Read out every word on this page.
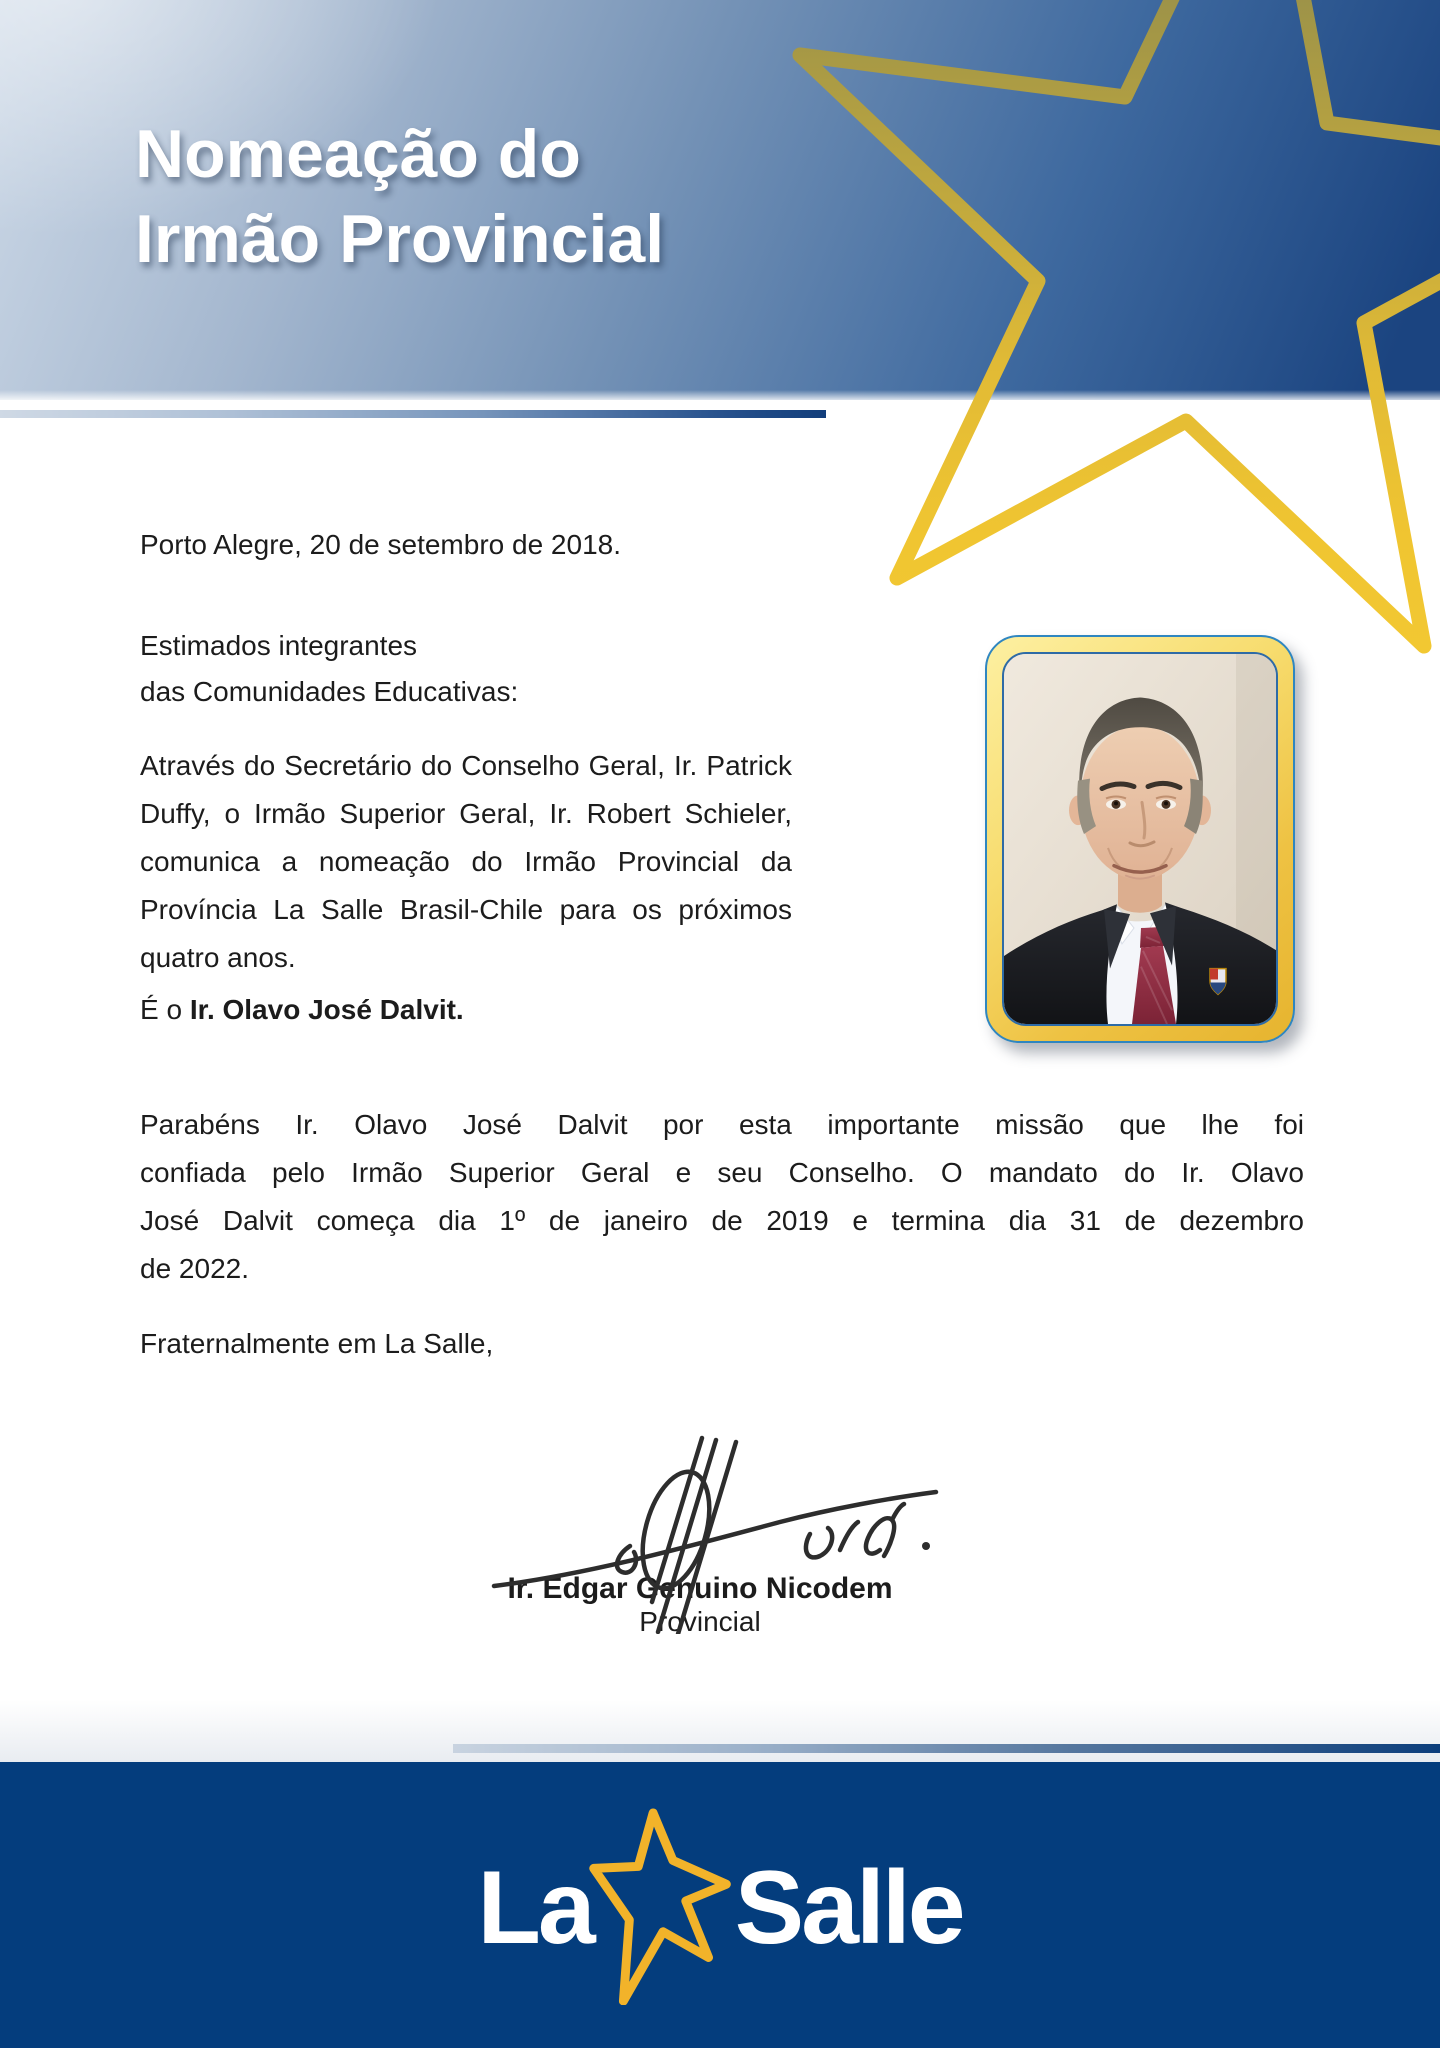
Nomeação do
Irmão Provincial
Porto Alegre, 20 de setembro de 2018.
Estimados integrantes
das Comunidades Educativas:
Através do Secretário do Conselho Geral, Ir. Patrick
Duffy, o Irmão Superior Geral, Ir. Robert Schieler,
comunica a nomeação do Irmão Provincial da
Província La Salle Brasil-Chile para os próximos
quatro anos.
É o Ir. Olavo José Dalvit.
Parabéns Ir. Olavo José Dalvit por esta importante missão que lhe foi
confiada pelo Irmão Superior Geral e seu Conselho. O mandato do Ir. Olavo
José Dalvit começa dia 1º de janeiro de 2019 e termina dia 31 de dezembro
de 2022.
Fraternalmente em La Salle,
Ir. Edgar Genuino Nicodem
Provincial
La Salle
